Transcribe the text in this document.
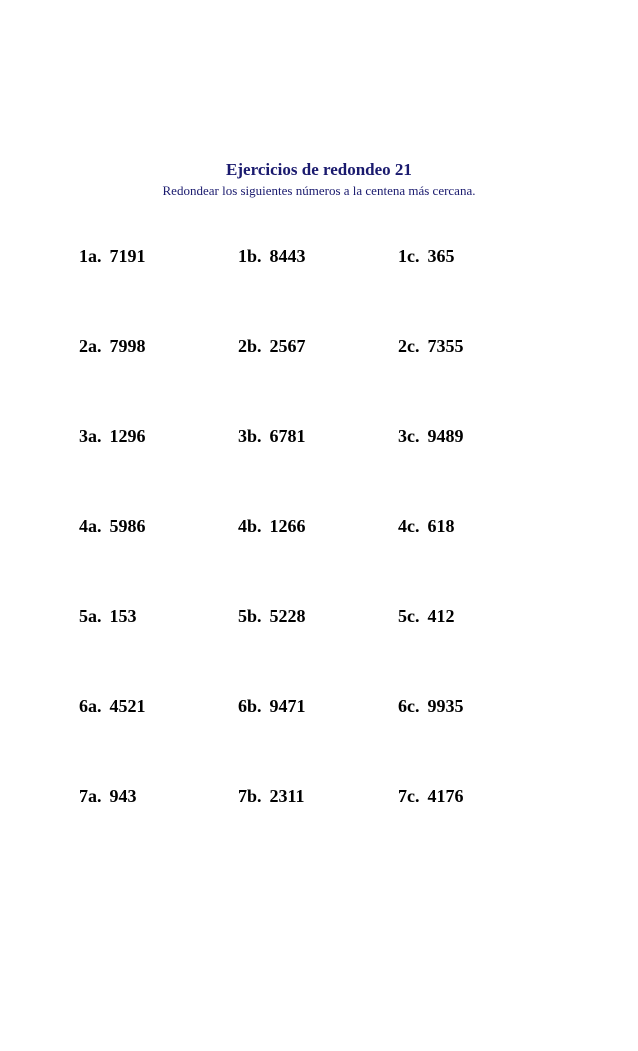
Ejercicios de redondeo 21
Redondear los siguientes números a la centena más cercana.
1a. 7191	1b. 8443	1c. 365
2a. 7998	2b. 2567	2c. 7355
3a. 1296	3b. 6781	3c. 9489
4a. 5986	4b. 1266	4c. 618
5a. 153	5b. 5228	5c. 412
6a. 4521	6b. 9471	6c. 9935
7a. 943	7b. 2311	7c. 4176
